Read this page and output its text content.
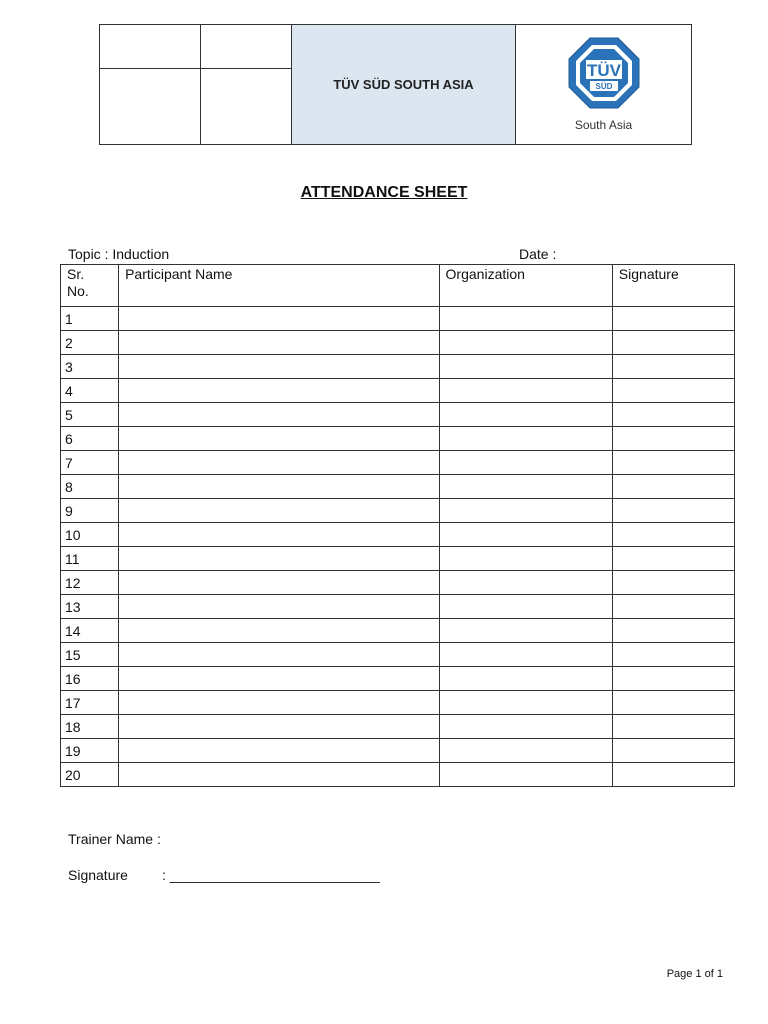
		TÜV SÜD SOUTH ASIA	TÜV
SÜD
South Asia

ATTENDANCE SHEET
Topic : Induction	Date :
Sr.
No.	Participant Name	Organization	Signature
1			
2			
3			
4			
5			
6			
7			
8			
9			
10			
11			
12			
13			
14			
15			
16			
17			
18			
19			
20			
Trainer Name :
Signature : ___________________________
Page 1 of 1
